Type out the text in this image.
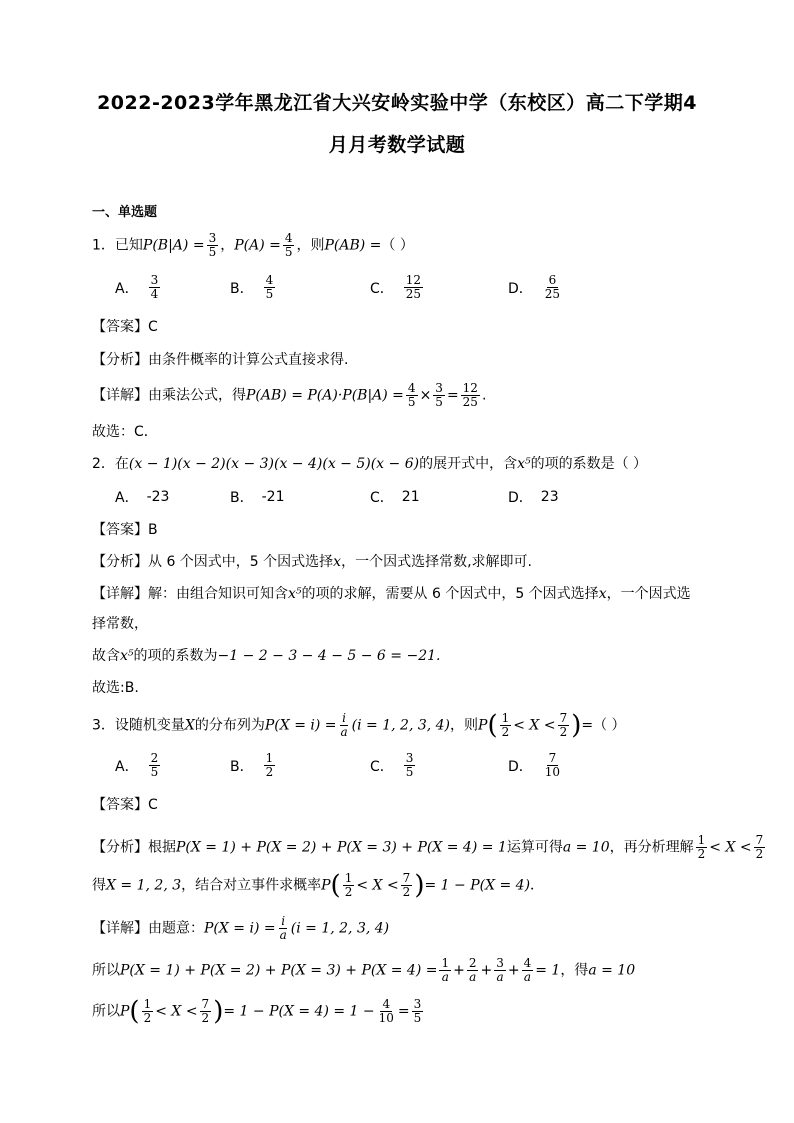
2022-2023学年黑龙江省大兴安岭实验中学（东校区）高二下学期4
月月考数学试题
一、单选题
1．已知$P(B|A) = \frac{3}{5}$ ，$P(A) = \frac{4}{5}$ ，则P(AB) =（ ）
A． $\frac{3}{4}$	B． $\frac{4}{5}$	C． $\frac{12}{25}$	D． $\frac{6}{25}$
【答案】C
【分析】由条件概率的计算公式直接求得.
【详解】由乘法公式，得$P(AB) = P(A)\cdot P(B|A) = \frac{4}{5} \times \frac{3}{5} = \frac{12}{25}$ .
故选：C．
2．在(x − 1)(x − 2)(x − 3)(x − 4)(x − 5)(x − 6)的展开式中，含x⁵的项的系数是（ ）
A． -23	B． -21	C． 21	D． 23
【答案】B
【分析】从 6 个因式中，5 个因式选择x，一个因式选择常数,求解即可.
【详解】解：由组合知识可知含x⁵的项的求解，需要从 6 个因式中，5 个因式选择x，一个因式选
择常数，
故含x⁵的项的系数为−1 − 2 − 3 − 4 − 5 − 6 = −21.
故选:B.
3．设随机变量X的分布列为$P(X = i) = \frac{i}{a} (i = 1$, 2, 3, 4)，则$P( \frac{1}{2} < X < \frac{7}{2}$ )=（ ）
A． $\frac{2}{5}$	B． $\frac{1}{2}$	C． $\frac{3}{5}$	D． $\frac{7}{10}$
【答案】C
【分析】根据P(X = 1) + P(X = 2) + P(X = 3) + P(X = 4) = 1运算可得a = 10，再分析理解 $\frac{1}{2} < X < \frac{7}{2}$
得X = 1, 2, 3，结合对立事件求概率$P( \frac{1}{2} < X < \frac{7}{2}$ )= 1 − P(X = 4)．
【详解】由题意：$P(X = i) = \frac{i}{a} (i = 1$, 2, 3, 4)
所以$P(X = 1) + P(X = 2) + P(X = 3) + P(X = 4) = \frac{1}{a} + \frac{2}{a} + \frac{3}{a} + \frac{4}{a} = 1$，得a = 10
所以$P( \frac{1}{2} < X < \frac{7}{2}$ )= $1 - P(X = 4) = 1 - \frac{4}{10} = \frac{3}{5}$
